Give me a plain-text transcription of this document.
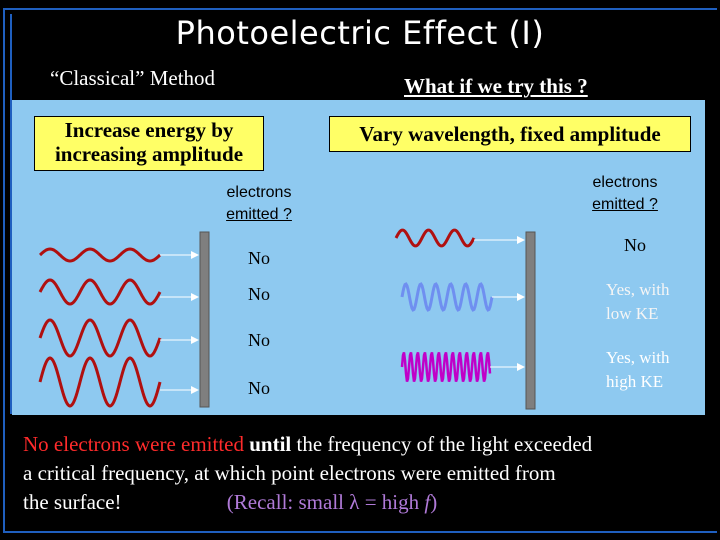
Photoelectric Effect (I)
“Classical” Method	What if we try this ?
Increase energy by
increasing amplitude
Vary wavelength, fixed amplitude
electrons
emitted ?
No
No
No
No
electrons
emitted ?
No
Yes, with
low KE
Yes, with
high KE
No electrons were emitted until the frequency of the light exceeded
a critical frequency, at which point electrons were emitted from
the surface!	(Recall: small λ = high f)
